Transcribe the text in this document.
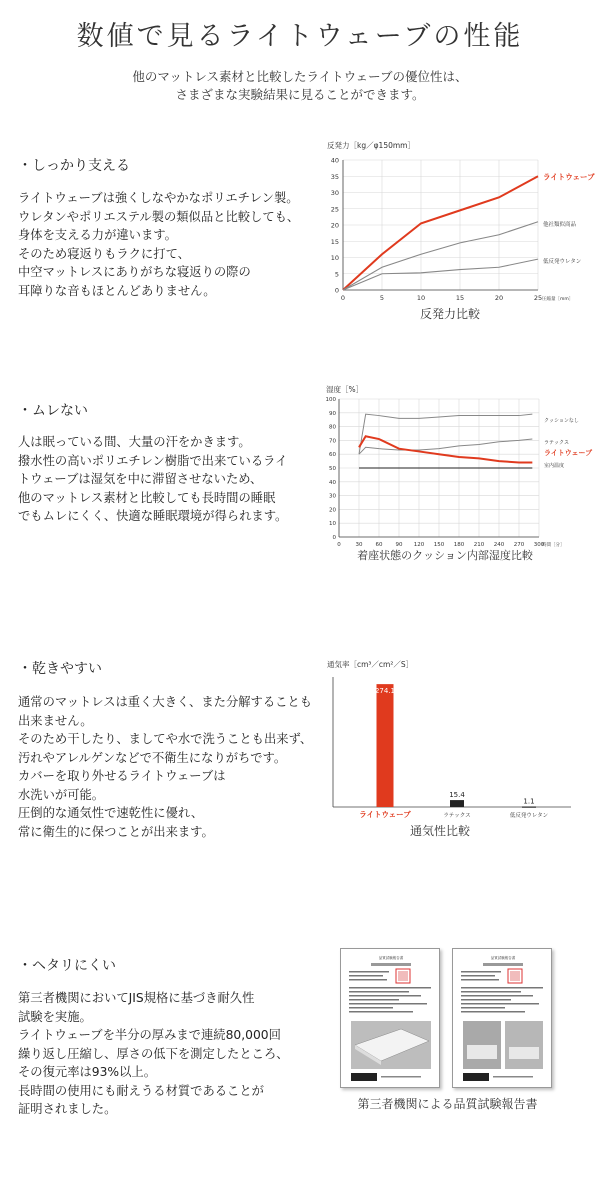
数値で見るライトウェーブの性能
他のマットレス素材と比較したライトウェーブの優位性は、
さまざまな実験結果に見ることができます。
・しっかり支える
ライトウェーブは強くしなやかなポリエチレン製。
ウレタンやポリエステル製の類似品と比較しても、
身体を支える力が違います。
そのため寝返りもラクに打て、
中空マットレスにありがちな寝返りの際の
耳障りな音もほとんどありません。
・ムレない
人は眠っている間、大量の汗をかきます。
撥水性の高いポリエチレン樹脂で出来ているライ
トウェーブは湿気を中に滞留させないため、
他のマットレス素材と比較しても長時間の睡眠
でもムレにくく、快適な睡眠環境が得られます。
・乾きやすい
通常のマットレスは重く大きく、また分解することも
出来ません。
そのため干したり、ましてや水で洗うことも出来ず、
汚れやアレルゲンなどで不衛生になりがちです。
カバーを取り外せるライトウェーブは
水洗いが可能。
圧倒的な通気性で速乾性に優れ、
常に衛生的に保つことが出来ます。
・ヘタリにくい
第三者機関においてJIS規格に基づき耐久性
試験を実施。
ライトウェーブを半分の厚みまで連続80,000回
繰り返し圧縮し、厚さの低下を測定したところ、
その復元率は93%以上。
長時間の使用にも耐えうる材質であることが
証明されました。
反発力［kg／φ150mm］
0
5
10
15
20
25
30
35
40
0	5	10	15	20	25 圧縮量［mm］
ライトウェーブ
他社類似商品
低反発ウレタン
反発力比較
湿度［%］
0
10
20
30
40
50
60
70
80
90
100
0	30 60 90 120 150 180 210 240 270 300
時間［分］
クッションなし
ラテックス
ライトウェーブ
室内温度
着座状態のクッション内部湿度比較
通気率［cm³／cm²／S］
274.1
ライトウェーブ
15.4
ラテックス
1.1
低反発ウレタン
通気性比較
品質試験報告書	品質試験報告書
第三者機関による品質試験報告書
